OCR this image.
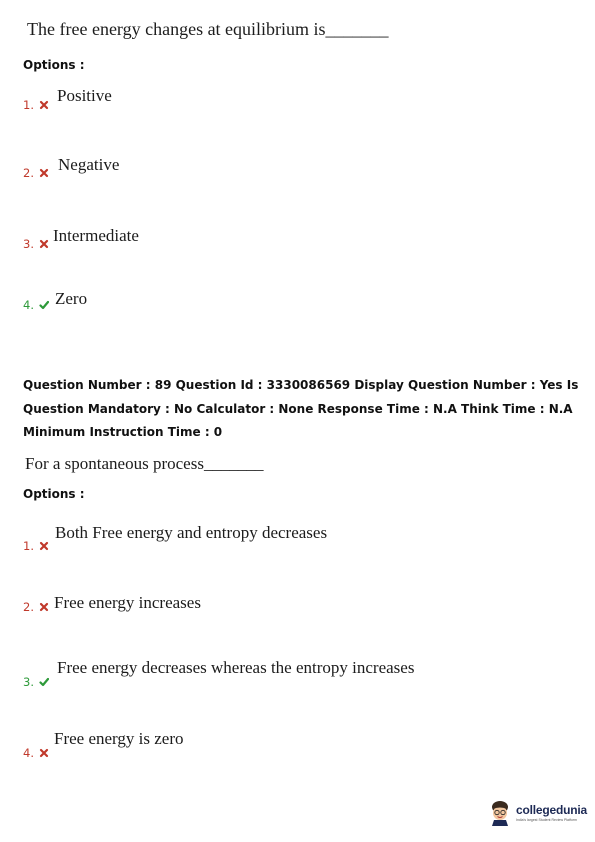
The free energy changes at equilibrium is_______
Options :
1. Positive
2. Negative
3. Intermediate
4. Zero
Question Number : 89 Question Id : 3330086569 Display Question Number : Yes Is Question Mandatory : No Calculator : None Response Time : N.A Think Time : N.A Minimum Instruction Time : 0
For a spontaneous process_______
Options :
1.
Both Free energy and entropy decreases
2. Free energy increases
3.
Free energy decreases whereas the entropy increases
4.
Free energy is zero
collegedunia
India's largest Student Review Platform
